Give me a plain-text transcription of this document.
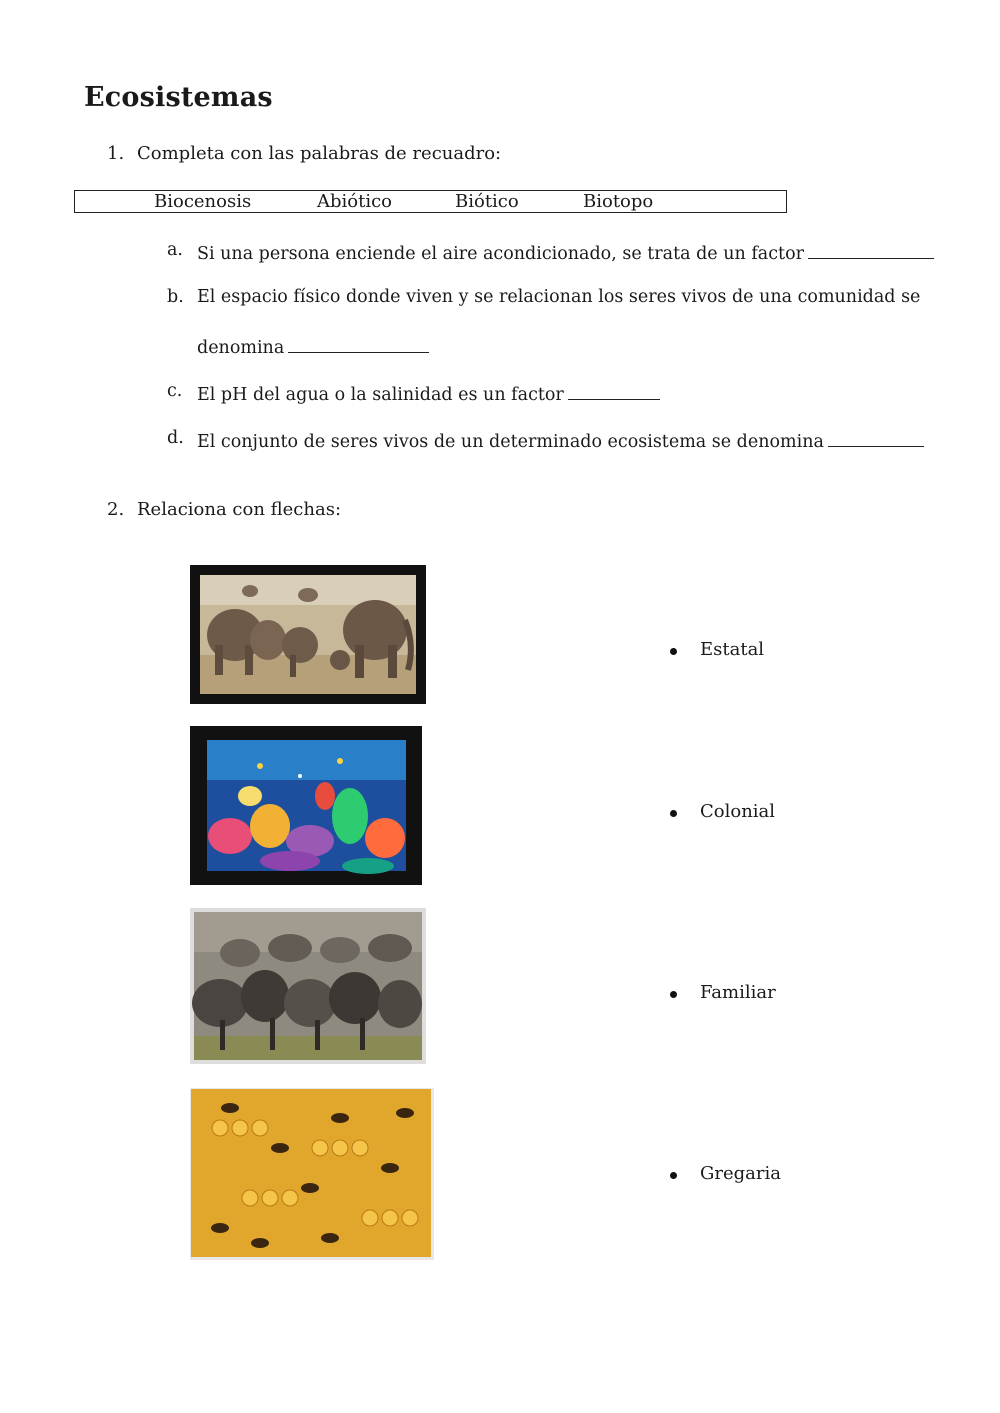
Ecosistemas
1. Completa con las palabras de recuadro:
Biocenosis	Abiótico	Biótico	Biotopo
a. Si una persona enciende el aire acondicionado, se trata de un factor
b. El espacio físico donde viven y se relacionan los seres vivos de una comunidad se
denomina
c. El pH del agua o la salinidad es un factor
d. El conjunto de seres vivos de un determinado ecosistema se denomina
2. Relaciona con flechas:
Estatal
Colonial
Familiar
Gregaria
